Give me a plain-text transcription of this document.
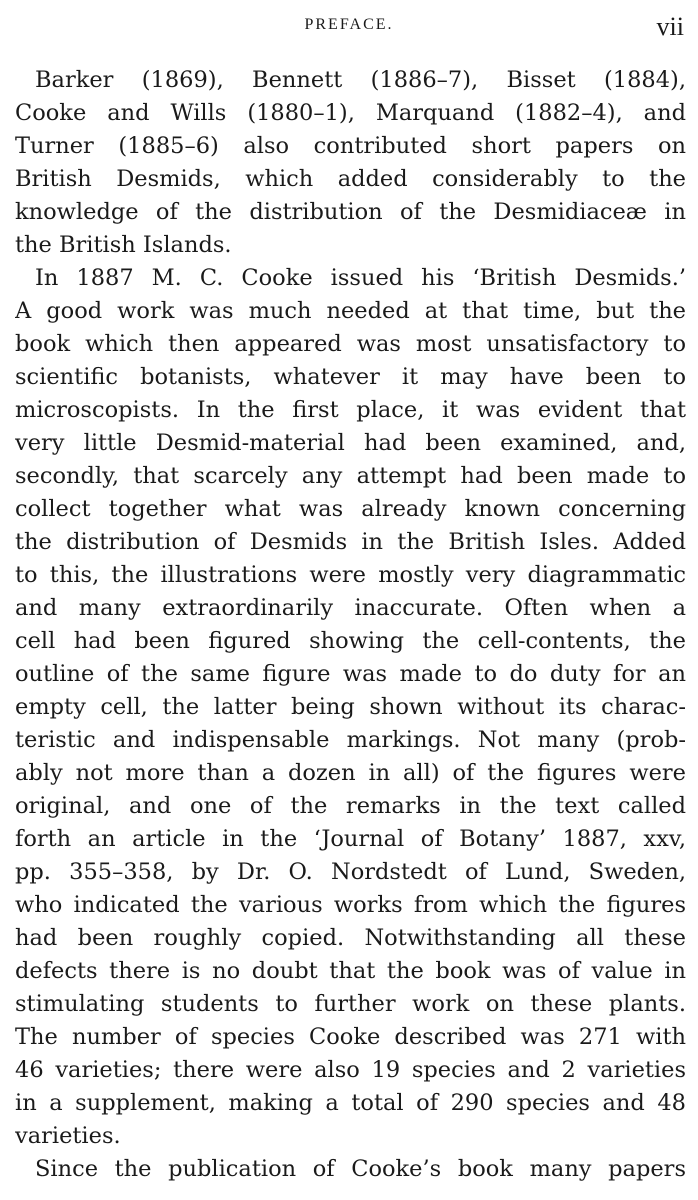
PREFACE.	vii
Barker (1869), Bennett (1886–7), Bisset (1884),
Cooke and Wills (1880–1), Marquand (1882–4), and
Turner (1885–6) also contributed short papers on
British Desmids, which added considerably to the
knowledge of the distribution of the Desmidiaceæ in
the British Islands.
In 1887 M. C. Cooke issued his ‘British Desmids.’
A good work was much needed at that time, but the
book which then appeared was most unsatisfactory to
scientific botanists, whatever it may have been to
microscopists. In the first place, it was evident that
very little Desmid-material had been examined, and,
secondly, that scarcely any attempt had been made to
collect together what was already known concerning
the distribution of Desmids in the British Isles. Added
to this, the illustrations were mostly very diagrammatic
and many extraordinarily inaccurate. Often when a
cell had been figured showing the cell-contents, the
outline of the same figure was made to do duty for an
empty cell, the latter being shown without its charac-
teristic and indispensable markings. Not many (prob-
ably not more than a dozen in all) of the figures were
original, and one of the remarks in the text called
forth an article in the ‘Journal of Botany’ 1887, xxv,
pp. 355–358, by Dr. O. Nordstedt of Lund, Sweden,
who indicated the various works from which the figures
had been roughly copied. Notwithstanding all these
defects there is no doubt that the book was of value in
stimulating students to further work on these plants.
The number of species Cooke described was 271 with
46 varieties; there were also 19 species and 2 varieties
in a supplement, making a total of 290 species and 48
varieties.
Since the publication of Cooke’s book many papers
